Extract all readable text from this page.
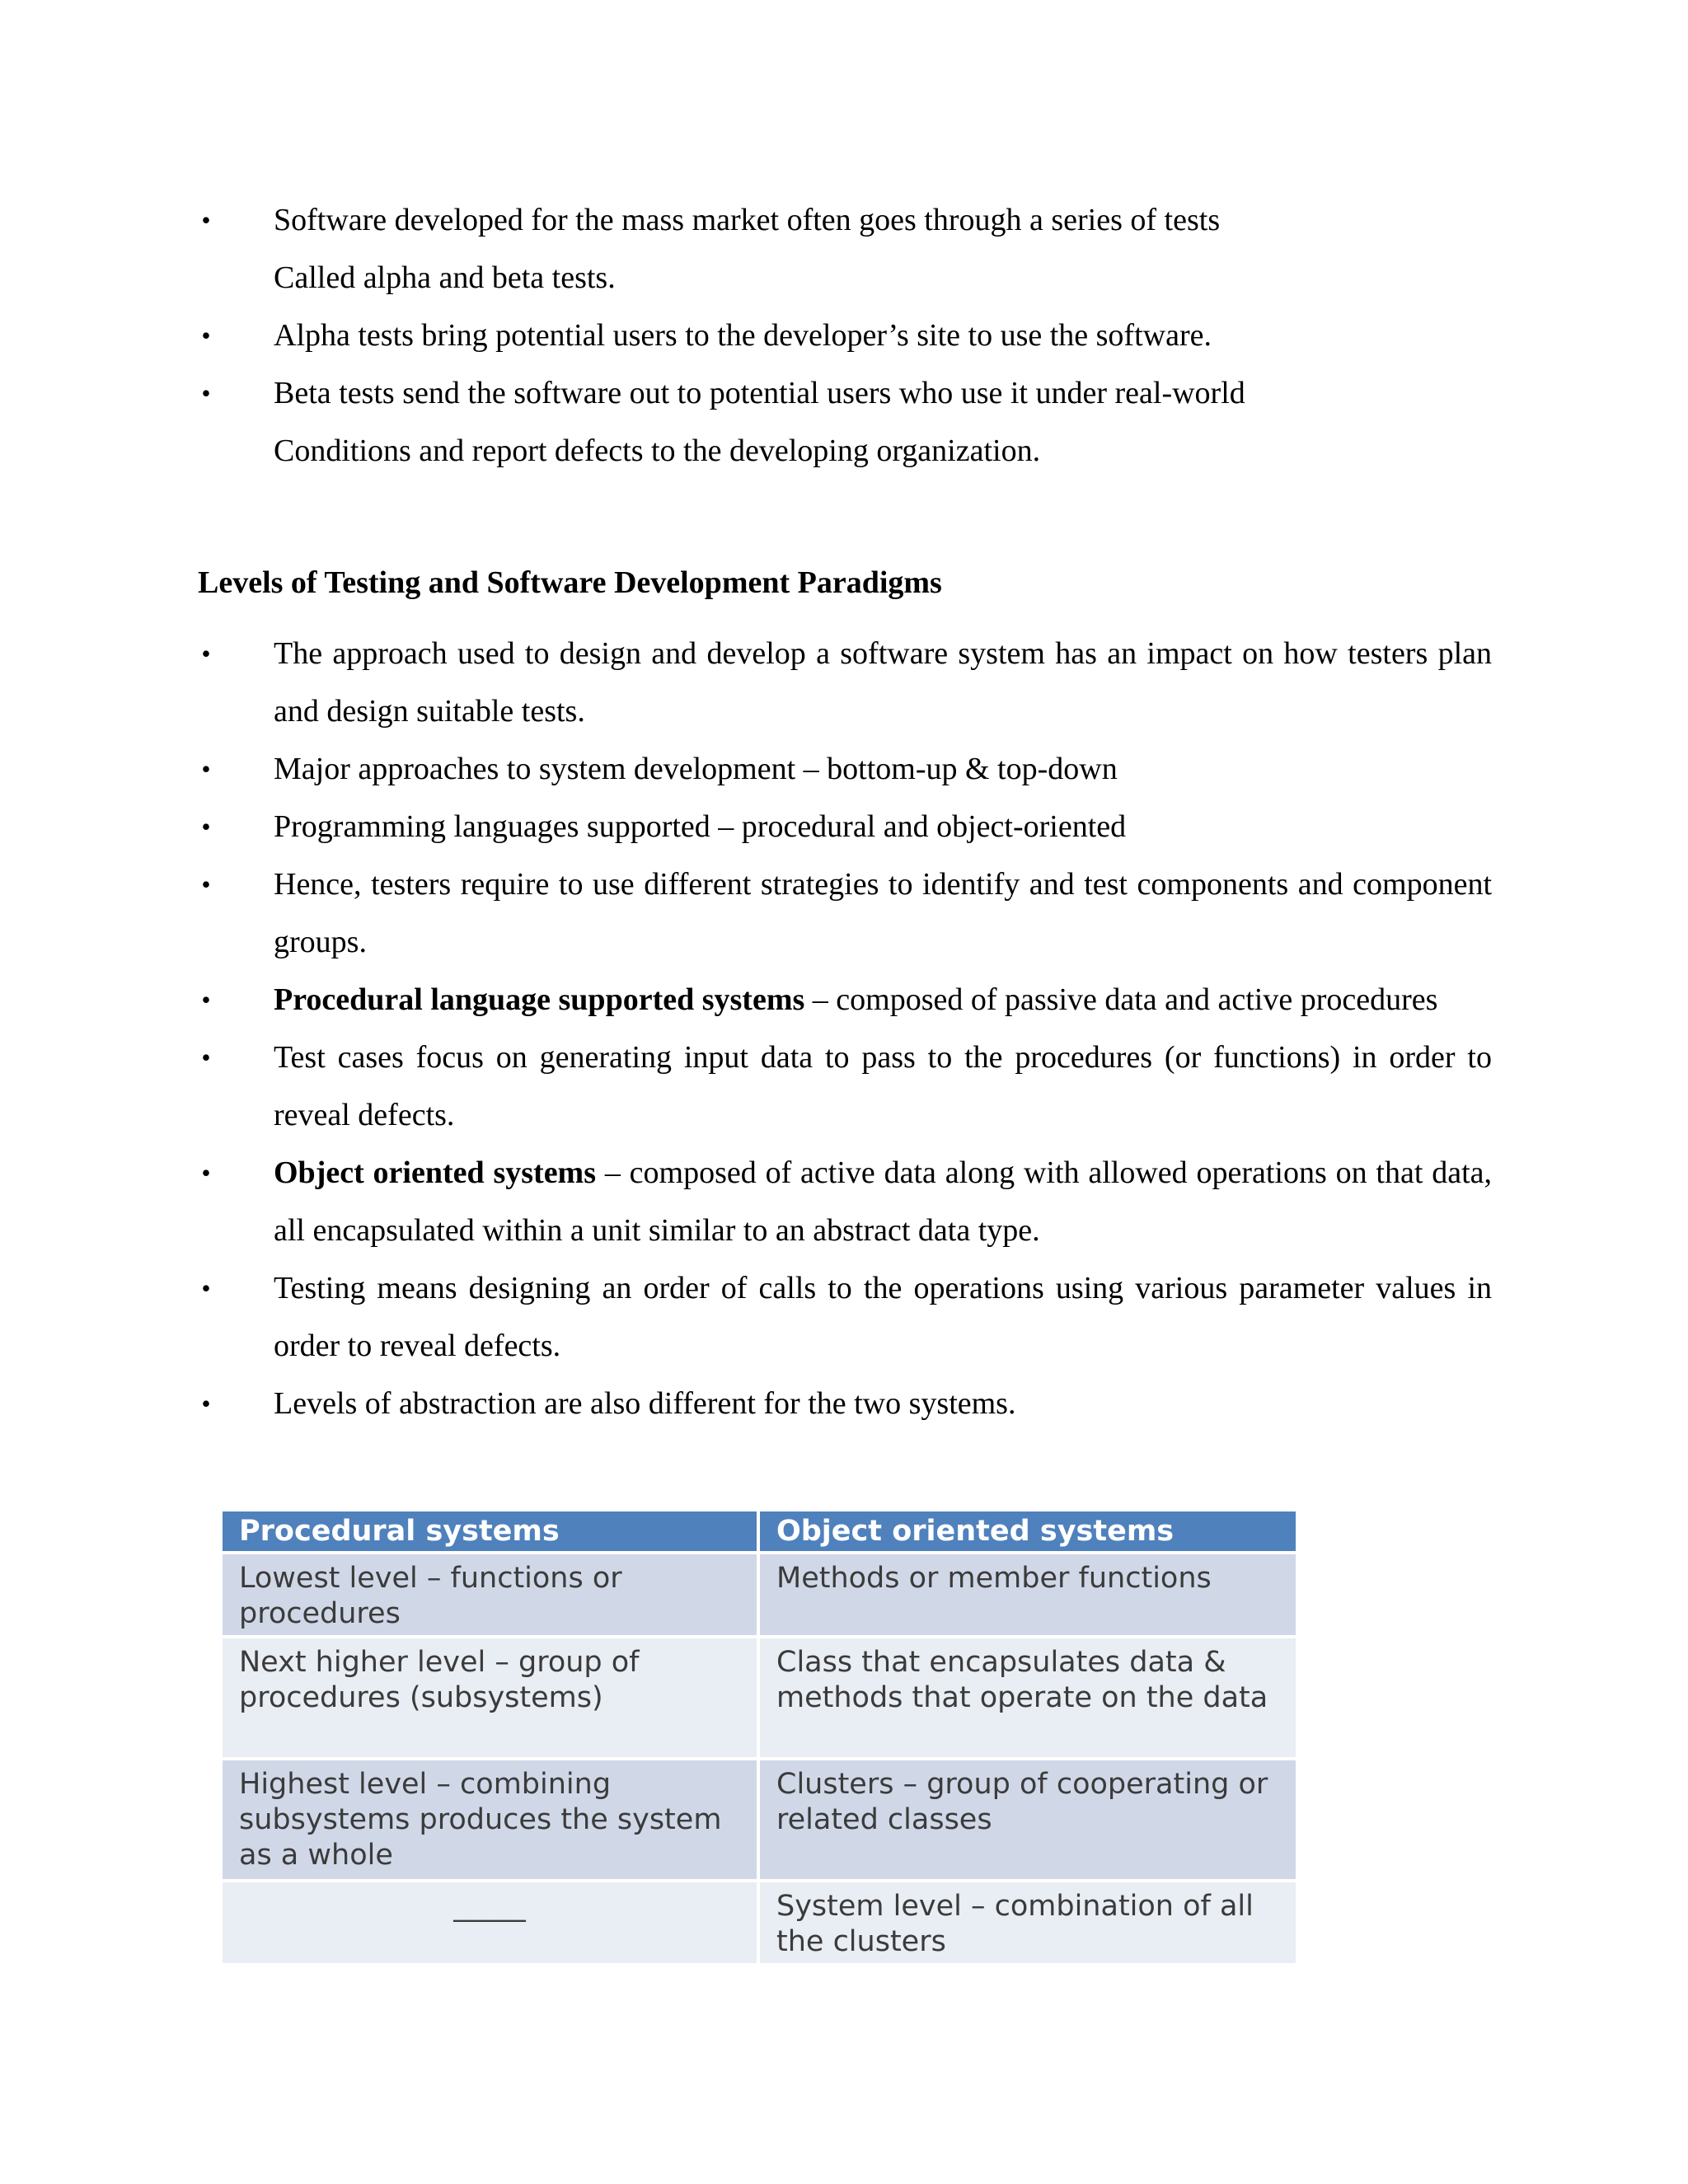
• Software developed for the mass market often goes through a series of tests Called alpha and beta tests.
• Alpha tests bring potential users to the developer’s site to use the software.
• Beta tests send the software out to potential users who use it under real-world Conditions and report defects to the developing organization.
Levels of Testing and Software Development Paradigms
• The approach used to design and develop a software system has an impact on how testers plan and design suitable tests.
• Major approaches to system development – bottom-up & top-down
• Programming languages supported – procedural and object-oriented
• Hence, testers require to use different strategies to identify and test components and component groups.
• Procedural language supported systems – composed of passive data and active procedures
• Test cases focus on generating input data to pass to the procedures (or functions) in order to reveal defects.
• Object oriented systems – composed of active data along with allowed operations on that data, all encapsulated within a unit similar to an abstract data type.
• Testing means designing an order of calls to the operations using various parameter values in order to reveal defects.
• Levels of abstraction are also different for the two systems.
Procedural systems	Object oriented systems
Lowest level – functions or procedures	Methods or member functions
Next higher level – group of procedures (subsystems)	Class that encapsulates data & methods that operate on the data
Highest level – combining subsystems produces the system as a whole	Clusters – group of cooperating or related classes
_____	System level – combination of all the clusters
